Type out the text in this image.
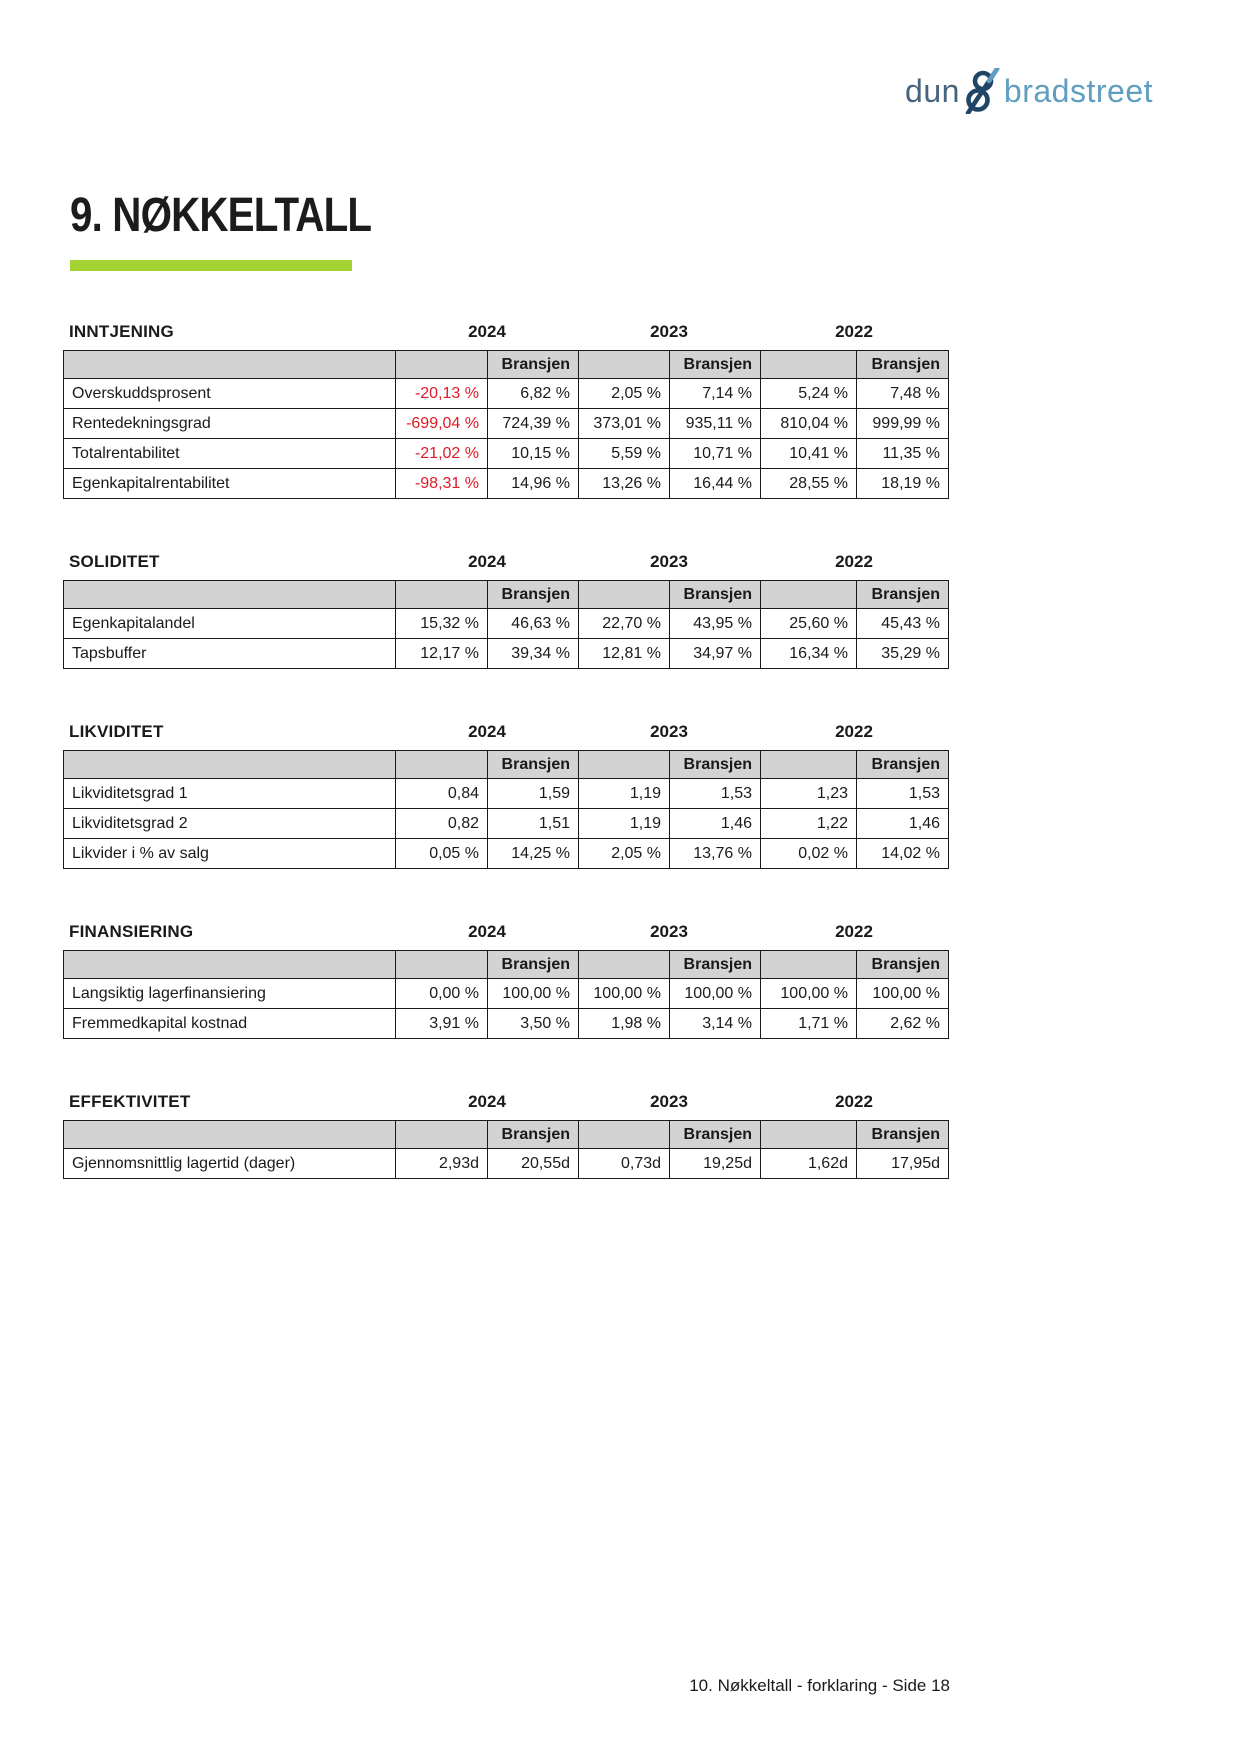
dun bradstreet
9. NØKKELTALL
INNTJENING	2024	2023	2022
		Bransjen		Bransjen		Bransjen
Overskuddsprosent	-20,13 %	6,82 %	2,05 %	7,14 %	5,24 %	7,48 %
Rentedekningsgrad	-699,04 %	724,39 %	373,01 %	935,11 %	810,04 %	999,99 %
Totalrentabilitet	-21,02 %	10,15 %	5,59 %	10,71 %	10,41 %	11,35 %
Egenkapitalrentabilitet	-98,31 %	14,96 %	13,26 %	16,44 %	28,55 %	18,19 %
SOLIDITET	2024	2023	2022
		Bransjen		Bransjen		Bransjen
Egenkapitalandel	15,32 %	46,63 %	22,70 %	43,95 %	25,60 %	45,43 %
Tapsbuffer	12,17 %	39,34 %	12,81 %	34,97 %	16,34 %	35,29 %
LIKVIDITET	2024	2023	2022
		Bransjen		Bransjen		Bransjen
Likviditetsgrad 1	0,84	1,59	1,19	1,53	1,23	1,53
Likviditetsgrad 2	0,82	1,51	1,19	1,46	1,22	1,46
Likvider i % av salg	0,05 %	14,25 %	2,05 %	13,76 %	0,02 %	14,02 %
FINANSIERING	2024	2023	2022
		Bransjen		Bransjen		Bransjen
Langsiktig lagerfinansiering	0,00 %	100,00 %	100,00 %	100,00 %	100,00 %	100,00 %
Fremmedkapital kostnad	3,91 %	3,50 %	1,98 %	3,14 %	1,71 %	2,62 %
EFFEKTIVITET	2024	2023	2022
		Bransjen		Bransjen		Bransjen
Gjennomsnittlig lagertid (dager)	2,93d	20,55d	0,73d	19,25d	1,62d	17,95d
10. Nøkkeltall - forklaring - Side 18
